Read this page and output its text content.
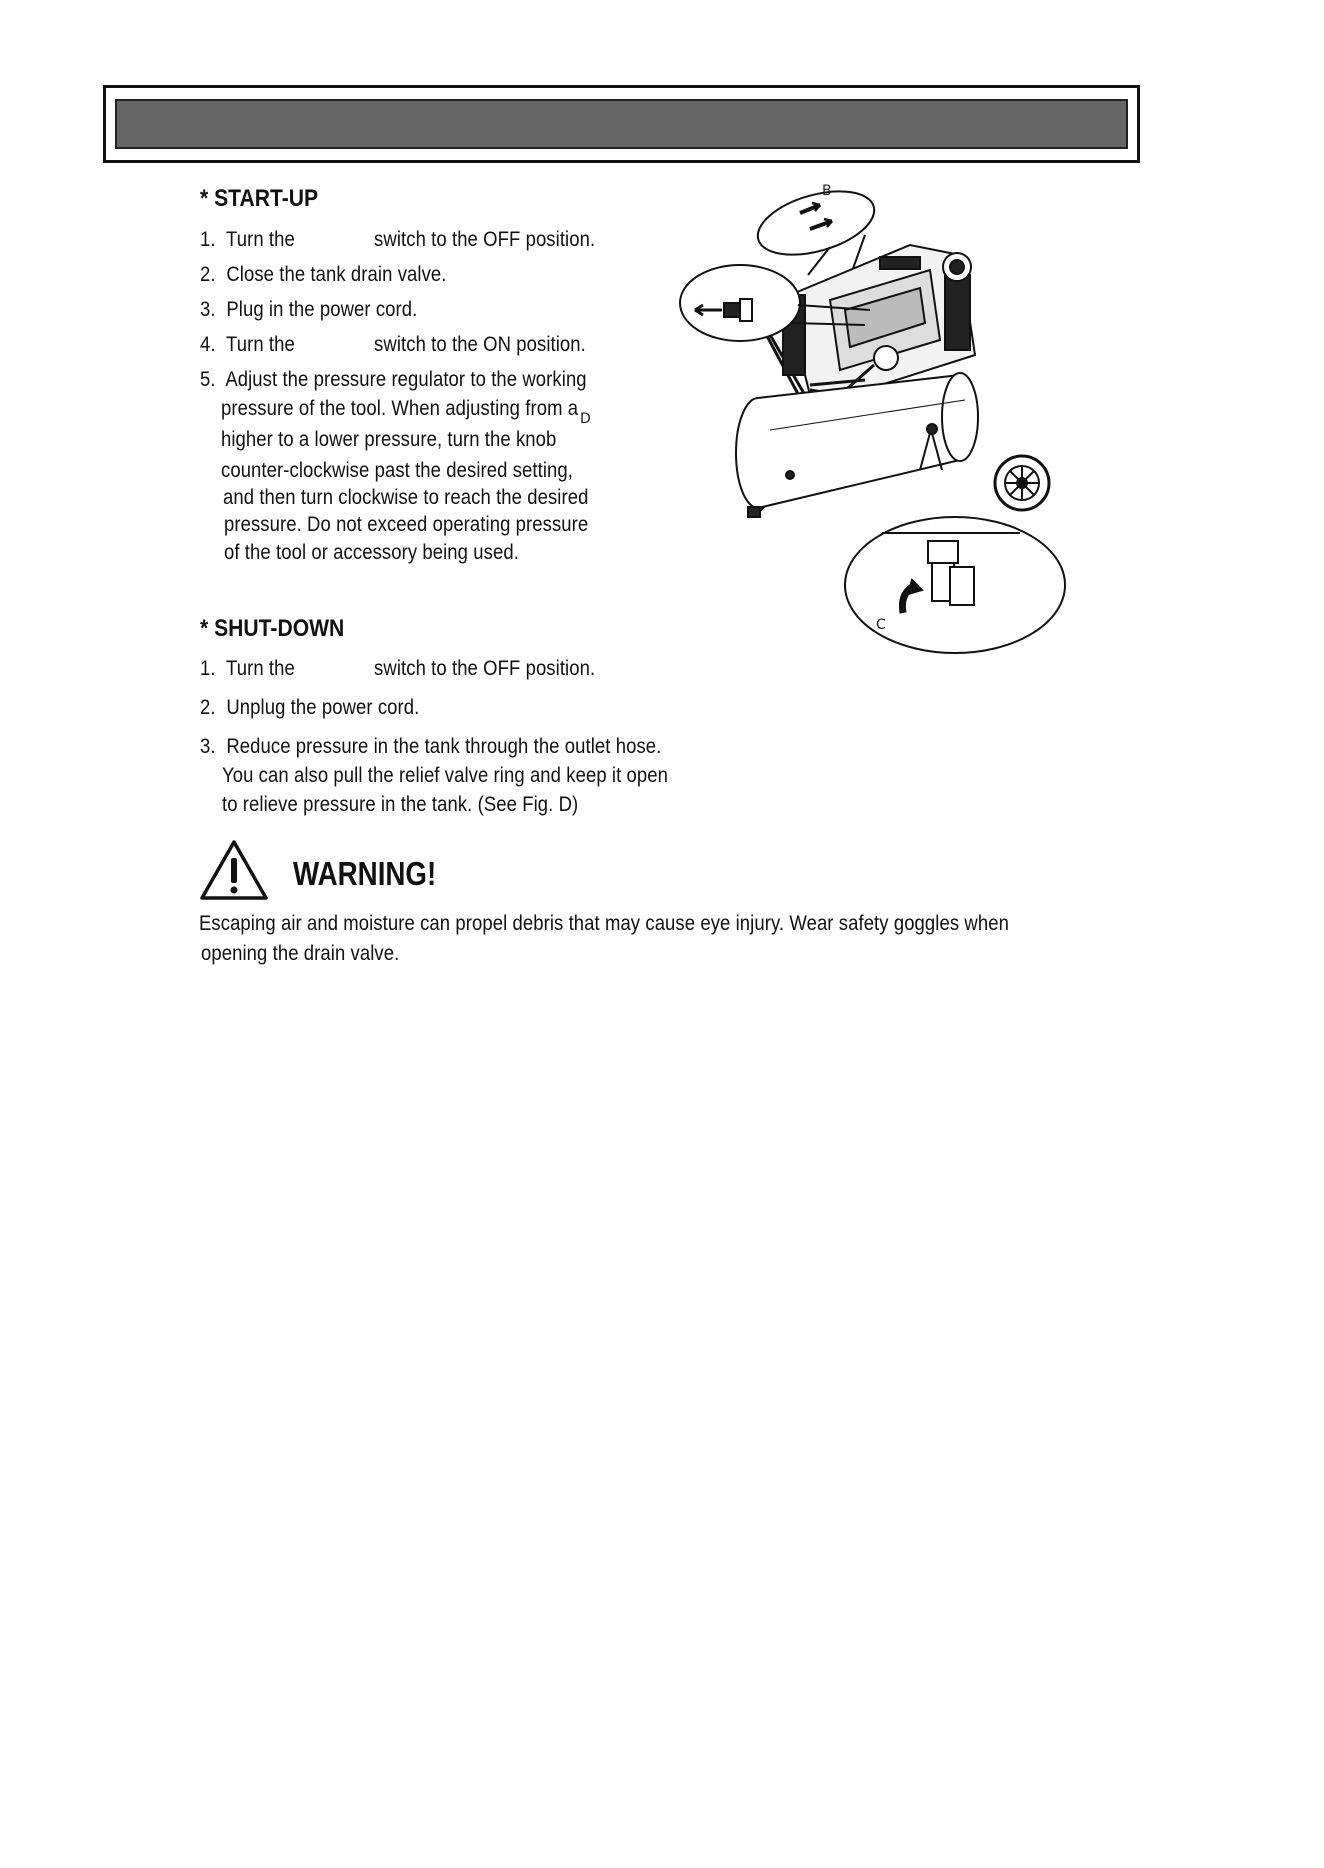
* START-UP
1. Turn the	switch to the OFF position.
2. Close the tank drain valve.
3. Plug in the power cord.
4. Turn the	switch to the ON position.
5. Adjust the pressure regulator to the working
pressure of the tool. When adjusting from a
higher to a lower pressure, turn the knob
counter-clockwise past the desired setting,
and then turn clockwise to reach the desired
pressure. Do not exceed operating pressure
of the tool or accessory being used.
* SHUT-DOWN
1. Turn the	switch to the OFF position.
2. Unplug the power cord.
3. Reduce pressure in the tank through the outlet hose.
You can also pull the relief valve ring and keep it open
to relieve pressure in the tank. (See Fig. D)
WARNING!
Escaping air and moisture can propel debris that may cause eye injury. Wear safety goggles when
opening the drain valve.
B
C
D
